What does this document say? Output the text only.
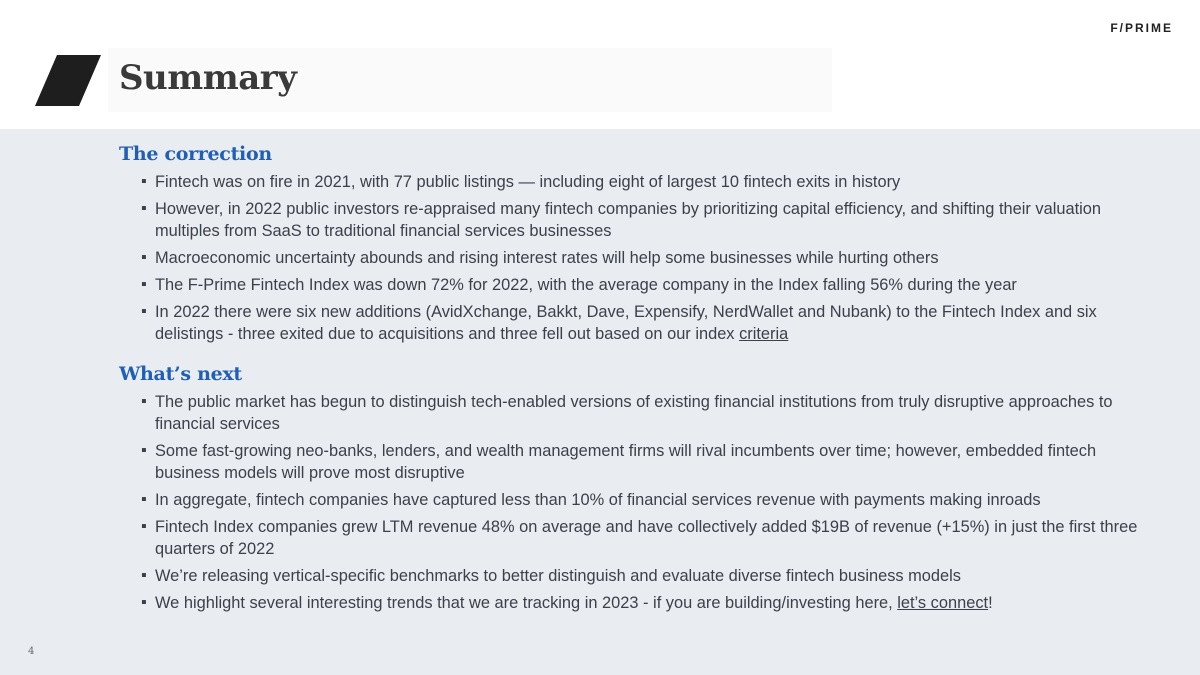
F/PRIME
Summary
The correction
▪ Fintech was on fire in 2021, with 77 public listings — including eight of largest 10 fintech exits in history
▪ However, in 2022 public investors re-appraised many fintech companies by prioritizing capital efficiency, and shifting their valuation multiples from SaaS to traditional financial services businesses
▪ Macroeconomic uncertainty abounds and rising interest rates will help some businesses while hurting others
▪ The F-Prime Fintech Index was down 72% for 2022, with the average company in the Index falling 56% during the year
▪ In 2022 there were six new additions (AvidXchange, Bakkt, Dave, Expensify, NerdWallet and Nubank) to the Fintech Index and six delistings - three exited due to acquisitions and three fell out based on our index criteria
What’s next
▪ The public market has begun to distinguish tech-enabled versions of existing financial institutions from truly disruptive approaches to financial services
▪ Some fast-growing neo-banks, lenders, and wealth management firms will rival incumbents over time; however, embedded fintech business models will prove most disruptive
▪ In aggregate, fintech companies have captured less than 10% of financial services revenue with payments making inroads
▪ Fintech Index companies grew LTM revenue 48% on average and have collectively added $19B of revenue (+15%) in just the first three quarters of 2022
▪ We’re releasing vertical-specific benchmarks to better distinguish and evaluate diverse fintech business models
▪ We highlight several interesting trends that we are tracking in 2023 - if you are building/investing here, let’s connect!
4
